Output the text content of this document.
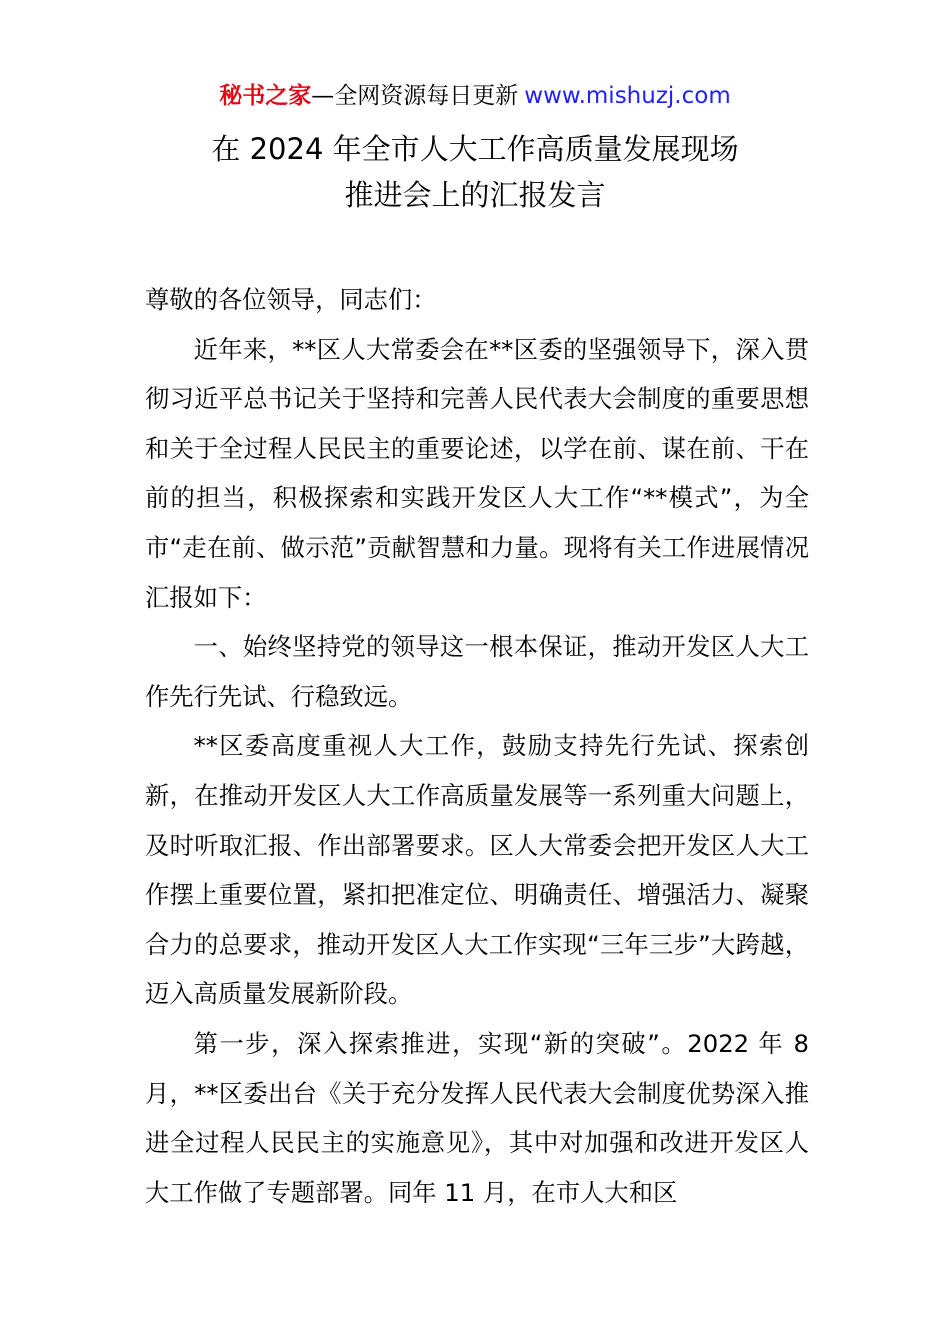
秘书之家—全网资源每日更新 www.mishuzj.com
在 2024 年全市人大工作高质量发展现场
推进会上的汇报发言

尊敬的各位领导，同志们：

近年来，**区人大常委会在**区委的坚强领导下，深入贯彻习近平总书记关于坚持和完善人民代表大会制度的重要思想和关于全过程人民民主的重要论述，以学在前、谋在前、干在前的担当，积极探索和实践开发区人大工作“**模式”，为全市“走在前、做示范”贡献智慧和力量。现将有关工作进展情况汇报如下：

一、始终坚持党的领导这一根本保证，推动开发区人大工作先行先试、行稳致远。

**区委高度重视人大工作，鼓励支持先行先试、探索创新，在推动开发区人大工作高质量发展等一系列重大问题上，及时听取汇报、作出部署要求。区人大常委会把开发区人大工作摆上重要位置，紧扣把准定位、明确责任、增强活力、凝聚合力的总要求，推动开发区人大工作实现“三年三步”大跨越，迈入高质量发展新阶段。

第一步，深入探索推进，实现“新的突破”。2022 年 8 月，**区委出台《关于充分发挥人民代表大会制度优势深入推进全过程人民民主的实施意见》，其中对加强和改进开发区人大工作做了专题部署。同年 11 月，在市人大和区
